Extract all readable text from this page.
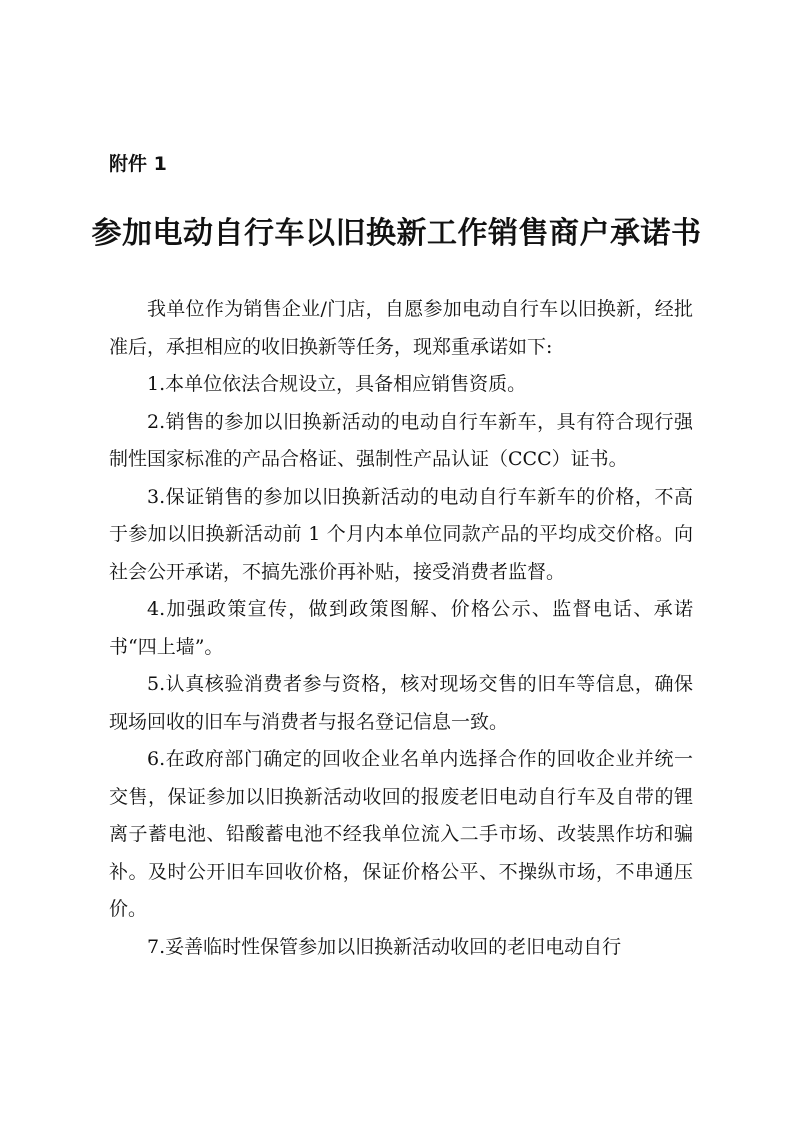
附件 1
参加电动自行车以旧换新工作销售商户承诺书

我单位作为销售企业/门店，自愿参加电动自行车以旧换新，经批准后，承担相应的收旧换新等任务，现郑重承诺如下:

1.本单位依法合规设立，具备相应销售资质。

2.销售的参加以旧换新活动的电动自行车新车，具有符合现行强制性国家标准的产品合格证、强制性产品认证（CCC）证书。

3.保证销售的参加以旧换新活动的电动自行车新车的价格，不高于参加以旧换新活动前 1 个月内本单位同款产品的平均成交价格。向社会公开承诺，不搞先涨价再补贴，接受消费者监督。

4.加强政策宣传，做到政策图解、价格公示、监督电话、承诺书“四上墙”。

5.认真核验消费者参与资格，核对现场交售的旧车等信息，确保现场回收的旧车与消费者与报名登记信息一致。

6.在政府部门确定的回收企业名单内选择合作的回收企业并统一交售，保证参加以旧换新活动收回的报废老旧电动自行车及自带的锂离子蓄电池、铅酸蓄电池不经我单位流入二手市场、改装黑作坊和骗补。及时公开旧车回收价格，保证价格公平、不操纵市场，不串通压价。

7.妥善临时性保管参加以旧换新活动收回的老旧电动自行
